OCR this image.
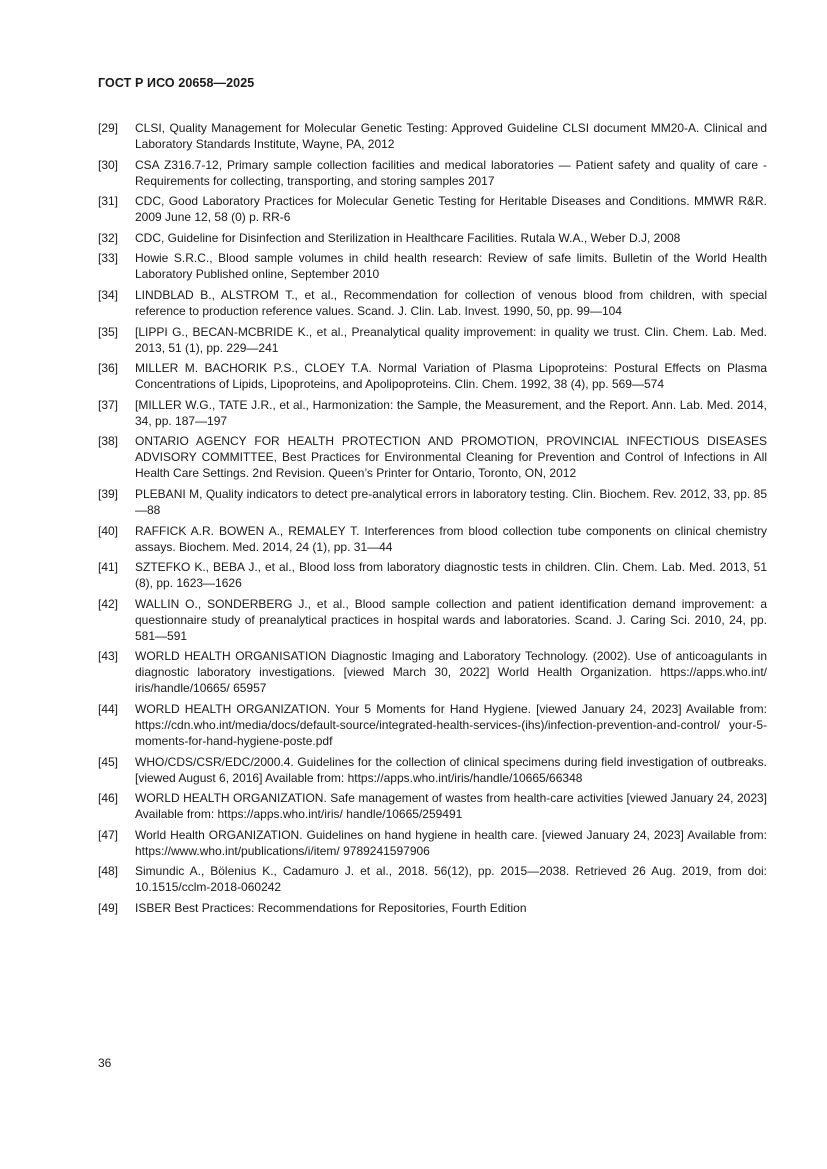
ГОСТ Р ИСО 20658—2025
[29]	CLSI, Quality Management for Molecular Genetic Testing: Approved Guideline CLSI document MM20-A. Clinical and Laboratory Standards Institute, Wayne, PA, 2012
[30]	CSA Z316.7-12, Primary sample collection facilities and medical laboratories — Patient safety and quality of care - Requirements for collecting, transporting, and storing samples 2017
[31]	CDC, Good Laboratory Practices for Molecular Genetic Testing for Heritable Diseases and Conditions. MMWR R&R. 2009 June 12, 58 (0) p. RR-6
[32]	CDC, Guideline for Disinfection and Sterilization in Healthcare Facilities. Rutala W.A., Weber D.J, 2008
[33]	Howie S.R.C., Blood sample volumes in child health research: Review of safe limits. Bulletin of the World Health Laboratory Published online, September 2010
[34]	LINDBLAD B., ALSTROM T., et al., Recommendation for collection of venous blood from children, with special reference to production reference values. Scand. J. Clin. Lab. Invest. 1990, 50, pp. 99—104
[35]	[LIPPI G., BECAN-MCBRIDE K., et al., Preanalytical quality improvement: in quality we trust. Clin. Chem. Lab. Med. 2013, 51 (1), pp. 229—241
[36]	MILLER M. BACHORIK P.S., CLOEY T.A. Normal Variation of Plasma Lipoproteins: Postural Effects on Plasma Concentrations of Lipids, Lipoproteins, and Apolipoproteins. Clin. Chem. 1992, 38 (4), pp. 569—574
[37]	[MILLER W.G., TATE J.R., et al., Harmonization: the Sample, the Measurement, and the Report. Ann. Lab. Med. 2014, 34, pp. 187—197
[38]	ONTARIO AGENCY FOR HEALTH PROTECTION AND PROMOTION, PROVINCIAL INFECTIOUS DISEASES ADVISORY COMMITTEE, Best Practices for Environmental Cleaning for Prevention and Control of Infections in All Health Care Settings. 2nd Revision. Queen’s Printer for Ontario, Toronto, ON, 2012
[39]	PLEBANI M, Quality indicators to detect pre-analytical errors in laboratory testing. Clin. Biochem. Rev. 2012, 33, pp. 85—88
[40]	RAFFICK A.R. BOWEN A., REMALEY T. Interferences from blood collection tube components on clinical chemistry assays. Biochem. Med. 2014, 24 (1), pp. 31—44
[41]	SZTEFKO K., BEBA J., et al., Blood loss from laboratory diagnostic tests in children. Clin. Chem. Lab. Med. 2013, 51 (8), pp. 1623—1626
[42]	WALLIN O., SONDERBERG J., et al., Blood sample collection and patient identification demand improvement: a questionnaire study of preanalytical practices in hospital wards and laboratories. Scand. J. Caring Sci. 2010, 24, pp. 581—591
[43]	WORLD HEALTH ORGANISATION Diagnostic Imaging and Laboratory Technology. (2002). Use of anticoagulants in diagnostic laboratory investigations. [viewed March 30, 2022] World Health Organization. https://apps.who.int/ iris/handle/10665/ 65957
[44]	WORLD HEALTH ORGANIZATION. Your 5 Moments for Hand Hygiene. [viewed January 24, 2023] Available from: https://cdn.who.int/media/docs/default-source/integrated-health-services-(ihs)/infection-prevention-and-control/ your-5-moments-for-hand-hygiene-poste.pdf
[45]	WHO/CDS/CSR/EDC/2000.4. Guidelines for the collection of clinical specimens during field investigation of outbreaks. [viewed August 6, 2016] Available from: https://apps.who.int/iris/handle/10665/66348
[46]	WORLD HEALTH ORGANIZATION. Safe management of wastes from health-care activities [viewed January 24, 2023] Available from: https://apps.who.int/iris/ handle/10665/259491
[47]	World Health ORGANIZATION. Guidelines on hand hygiene in health care. [viewed January 24, 2023] Available from: https://www.who.int/publications/i/item/ 9789241597906
[48]	Simundic A., Bölenius K., Cadamuro J. et al., 2018. 56(12), pp. 2015—2038. Retrieved 26 Aug. 2019, from doi: 10.1515/cclm-2018-060242
[49]	ISBER Best Practices: Recommendations for Repositories, Fourth Edition
36
